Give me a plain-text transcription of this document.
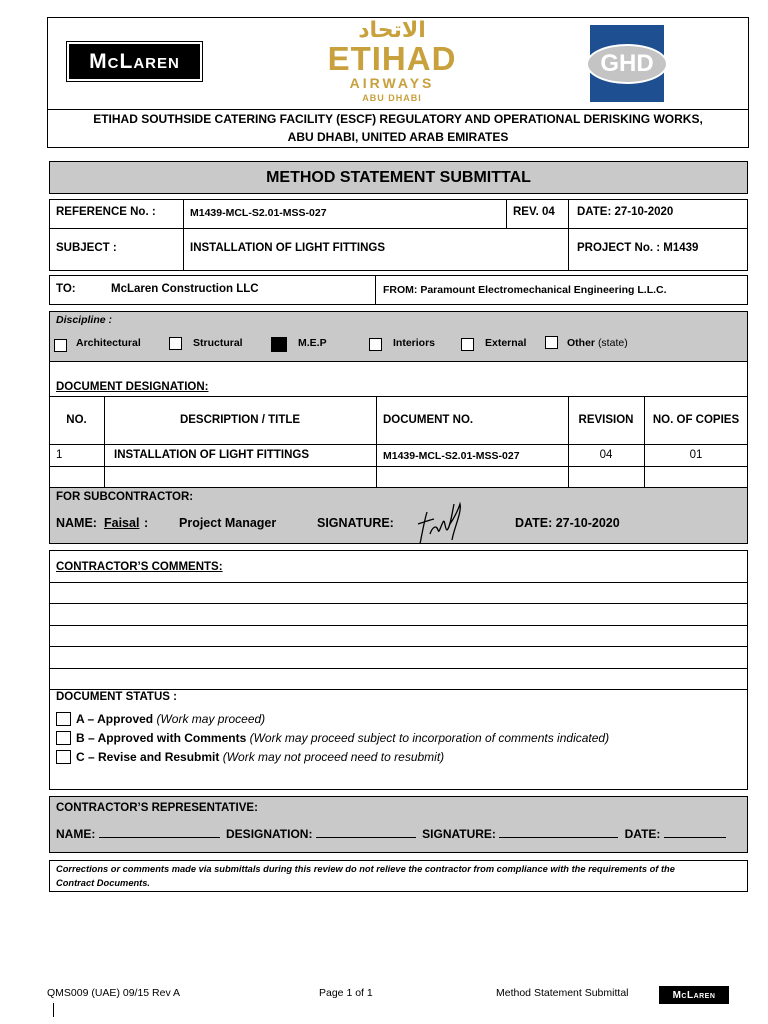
McLaren
الاتحاد
ETIHAD
AIRWAYS
ABU DHABI
GHD
ETIHAD SOUTHSIDE CATERING FACILITY (ESCF) REGULATORY AND OPERATIONAL DERISKING WORKS,
ABU DHABI, UNITED ARAB EMIRATES
METHOD STATEMENT SUBMITTAL
REFERENCE No. :	M1439-MCL-S2.01-MSS-027	REV. 04 DATE: 27-10-2020
SUBJECT :	INSTALLATION OF LIGHT FITTINGS	PROJECT No. : M1439
TO:	McLaren Construction LLC	FROM: Paramount Electromechanical Engineering L.L.C.
Discipline :
Architectural	Structural	M.E.P	Interiors	External	Other (state)
DOCUMENT DESIGNATION:
NO.	DESCRIPTION / TITLE	DOCUMENT NO.	REVISION	NO. OF COPIES
1	INSTALLATION OF LIGHT FITTINGS	M1439-MCL-S2.01-MSS-027	04	01
FOR SUBCONTRACTOR:
NAME: Faisal : Project Manager	SIGNATURE:	DATE: 27-10-2020
CONTRACTOR’S COMMENTS:
DOCUMENT STATUS :
A – Approved (Work may proceed)
B – Approved with Comments (Work may proceed subject to incorporation of comments indicated)
C – Revise and Resubmit (Work may not proceed need to resubmit)
CONTRACTOR’S REPRESENTATIVE:
NAME:	DESIGNATION:	SIGNATURE:	DATE:
Corrections or comments made via submittals during this review do not relieve the contractor from compliance with the requirements of the
Contract Documents.
QMS009 (UAE) 09/15 Rev A	Page 1 of 1	Method Statement Submittal	McLaren
